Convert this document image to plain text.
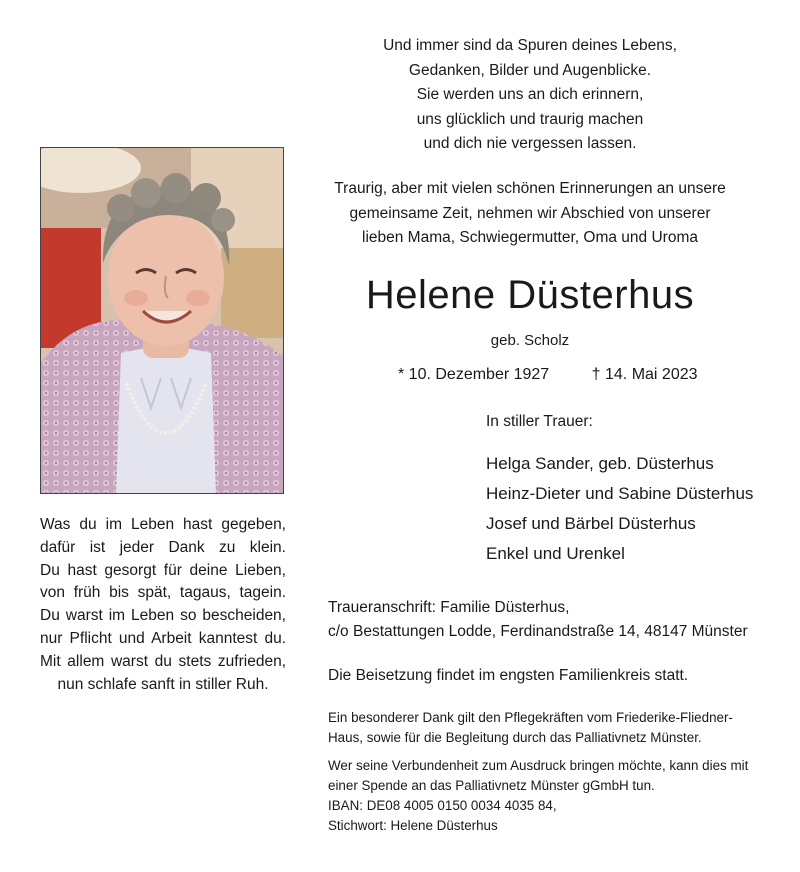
Und immer sind da Spuren deines Lebens,
Gedanken, Bilder und Augenblicke.
Sie werden uns an dich erinnern,
uns glücklich und traurig machen
und dich nie vergessen lassen.
Traurig, aber mit vielen schönen Erinnerungen an unsere
gemeinsame Zeit, nehmen wir Abschied von unserer
lieben Mama, Schwiegermutter, Oma und Uroma
Helene Düsterhus
geb. Scholz
* 10. Dezember 1927	† 14. Mai 2023
In stiller Trauer:
Helga Sander, geb. Düsterhus
Heinz-Dieter und Sabine Düsterhus
Josef und Bärbel Düsterhus
Enkel und Urenkel
Was du im Leben hast gegeben,
dafür ist jeder Dank zu klein.
Du hast gesorgt für deine Lieben,
von früh bis spät, tagaus, tagein.
Du warst im Leben so bescheiden,
nur Pflicht und Arbeit kanntest du.
Mit allem warst du stets zufrieden,
nun schlafe sanft in stiller Ruh.
Traueranschrift: Familie Düsterhus,
c/o Bestattungen Lodde, Ferdinandstraße 14, 48147 Münster
Die Beisetzung findet im engsten Familienkreis statt.
Ein besonderer Dank gilt den Pflegekräften vom Friederike-Fliedner-
Haus, sowie für die Begleitung durch das Palliativnetz Münster.
Wer seine Verbundenheit zum Ausdruck bringen möchte, kann dies mit
einer Spende an das Palliativnetz Münster gGmbH tun.
IBAN: DE08 4005 0150 0034 4035 84,
Stichwort: Helene Düsterhus
